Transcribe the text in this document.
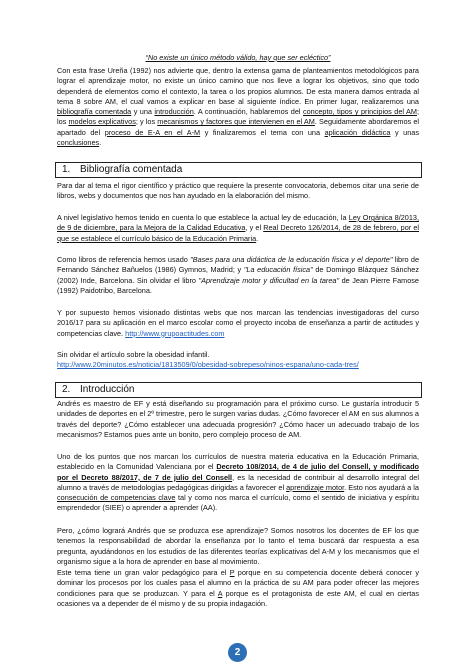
“No existe un único método válido, hay que ser ecléctico”

Con esta frase Ureña (1992) nos advierte que, dentro la extensa gama de planteamientos metodológicos para lograr el aprendizaje motor, no existe un único camino que nos lleve a lograr los objetivos, sino que todo dependerá de elementos como el contexto, la tarea o los propios alumnos. De esta manera damos entrada al tema 8 sobre AM, el cual vamos a explicar en base al siguiente índice. En primer lugar, realizaremos una bibliografía comentada y una introducción. A continuación, hablaremos del concepto, tipos y principios del AM; los modelos explicativos; y los mecanismos y factores que intervienen en el AM. Seguidamente abordaremos el apartado del proceso de E-A en el A-M y finalizaremos el tema con una aplicación didáctica y unas conclusiones.

1. Bibliografía comentada

Para dar al tema el rigor científico y práctico que requiere la presente convocatoria, debemos citar una serie de libros, webs y documentos que nos han ayudado en la elaboración del mismo.

A nivel legislativo hemos tenido en cuenta lo que establece la actual ley de educación, la Ley Orgánica 8/2013, de 9 de diciembre, para la Mejora de la Calidad Educativa, y el Real Decreto 126/2014, de 28 de febrero, por el que se establece el currículo básico de la Educación Primaria.

Como libros de referencia hemos usado "Bases para una didáctica de la educación física y el deporte" libro de Fernando Sánchez Bañuelos (1986) Gymnos, Madrid; y "La educación física" de Domingo Blázquez Sánchez (2002) Inde, Barcelona. Sin olvidar el libro "Aprendizaje motor y dificultad en la tarea" de Jean Pierre Famose (1992) Paidotribo, Barcelona.

Y por supuesto hemos visionado distintas webs que nos marcan las tendencias investigadoras del curso 2016/17 para su aplicación en el marco escolar como el proyecto incoba de enseñanza a partir de actitudes y competencias clave. http://www.grupoactitudes.com

Sin olvidar el artículo sobre la obesidad infantil.
http://www.20minutos.es/noticia/1813509/0/obesidad-sobrepeso/ninos-espana/uno-cada-tres/

2. Introducción

Andrés es maestro de EF y está diseñando su programación para el próximo curso. Le gustaría introducir 5 unidades de deportes en el 2º trimestre, pero le surgen varias dudas. ¿Cómo favorecer el AM en sus alumnos a través del deporte? ¿Cómo establecer una adecuada progresión? ¿Cómo hacer un adecuado trabajo de los mecanismos? Estamos pues ante un bonito, pero complejo proceso de AM.

Uno de los puntos que nos marcan los currículos de nuestra materia educativa en la Educación Primaria, establecido en la Comunidad Valenciana por el Decreto 108/2014, de 4 de julio del Consell, y modificado por el Decreto 88/2017, de 7 de julio del Consell, es la necesidad de contribuir al desarrollo integral del alumno a través de metodologías pedagógicas dirigidas a favorecer el aprendizaje motor. Esto nos ayudará a la consecución de competencias clave tal y como nos marca el currículo, como el sentido de iniciativa y espíritu emprendedor (SIEE) o aprender a aprender (AA).

Pero, ¿cómo logrará Andrés que se produzca ese aprendizaje? Somos nosotros los docentes de EF los que tenemos la responsabilidad de abordar la enseñanza por lo tanto el tema buscará dar respuesta a esa pregunta, ayudándonos en los estudios de las diferentes teorías explicativas del A-M y los mecanismos que el organismo sigue a la hora de aprender en base al movimiento.

Este tema tiene un gran valor pedagógico para el P porque en su competencia docente deberá conocer y dominar los procesos por los cuales pasa el alumno en la práctica de su AM para poder ofrecer las mejores condiciones para que se produzcan. Y para el A porque es el protagonista de este AM, el cual en ciertas ocasiones va a depender de él mismo y de su propia indagación.

2
